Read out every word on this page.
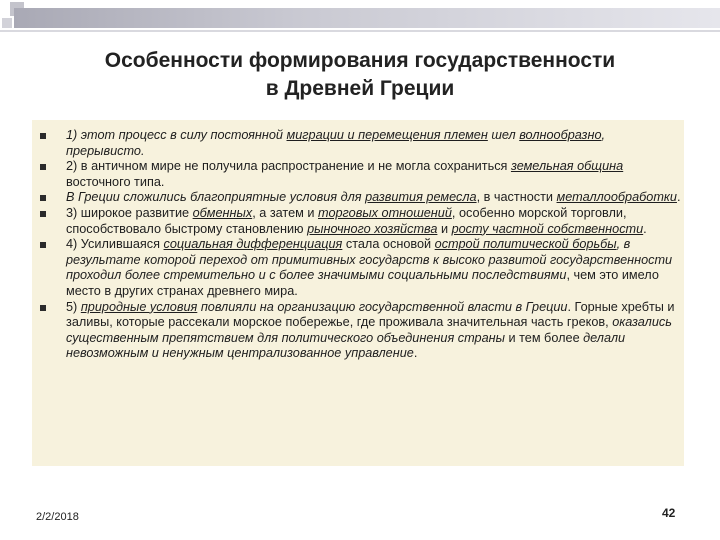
Особенности формирования государственности
в Древней Греции
1) этот процесс в силу постоянной миграции и перемещения племен шел волнообразно, прерывисто.
2) в античном мире не получила распространение и не могла сохраниться земельная община восточного типа.
В Греции сложились благоприятные условия для развития ремесла, в частности металлообработки.
3) широкое развитие обменных, а затем и торговых отношений, особенно морской торговли, способствовало быстрому становлению рыночного хозяйства и росту частной собственности.
4) Усилившаяся социальная дифференциация стала основой острой политической борьбы, в результате которой переход от примитивных государств к высоко развитой государственности проходил более стремительно и с более значимыми социальными последствиями, чем это имело место в других странах древнего мира.
5) природные условия повлияли на организацию государственной власти в Греции. Горные хребты и заливы, которые рассекали морское побережье, где проживала значительная часть греков, оказались существенным препятствием для политического объединения страны и тем более делали невозможным и ненужным централизованное управление.
2/2/2018	42
